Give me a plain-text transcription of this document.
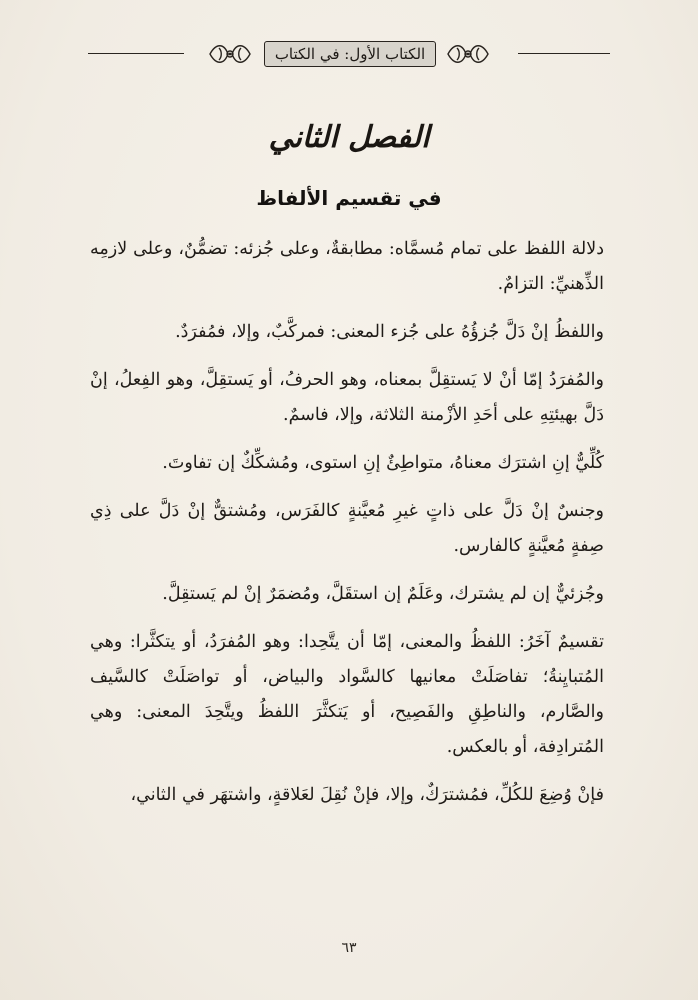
الكتاب الأول: في الكتاب
الفصل الثاني
في تقسيم الألفاظ

دلالة اللفظ على تمام مُسمَّاه: مطابقةٌ، وعلى جُزئه: تضمُّنٌ، وعلى لازمِه الذِّهنيِّ: التزامٌ.

واللفظُ إنْ دَلَّ جُزؤُهُ على جُزء المعنى: فمركَّبٌ، وإلا، فمُفرَدٌ.

والمُفرَدُ إمّا أنْ لا يَستقِلَّ بمعناه، وهو الحرفُ، أو يَستقِلَّ، وهو الفِعلُ، إنْ دَلَّ بهيئتِهِ على أحَدِ الأزْمنة الثلاثة، وإلا، فاسمٌ.

كُلِّيٌّ إنِ اشترَك معناهُ، متواطِئٌ إنِ استوى، ومُشكِّكٌ إن تفاوتَ.

وجنسٌ إنْ دَلَّ على ذاتٍ غيرِ مُعيَّنةٍ كالفَرَس، ومُشتقٌّ إنْ دَلَّ على ذِي صِفةٍ مُعيَّنةٍ كالفارس.

وجُزئيٌّ إن لم يشترك، وعَلَمٌ إن استقَلَّ، ومُضمَرٌ إنْ لم يَستقِلَّ.

تقسيمٌ آخَرُ: اللفظُ والمعنى، إمّا أن يتَّحِدا: وهو المُفرَدُ، أو يتكثَّرا: وهي المُتبايِنةُ؛ تفاصَلَتْ معانيها كالسَّواد والبياض، أو تواصَلَتْ كالسَّيف والصَّارم، والناطِقِ والفَصِيح، أو يَتكثَّرَ اللفظُ ويتَّحِدَ المعنى: وهي المُترادِفة، أو بالعكس.

فإنْ وُضِعَ للكُلِّ، فمُشترَكٌ، وإلا، فإنْ نُقِلَ لعَلاقةٍ، واشتهَر في الثاني،

٦٣
